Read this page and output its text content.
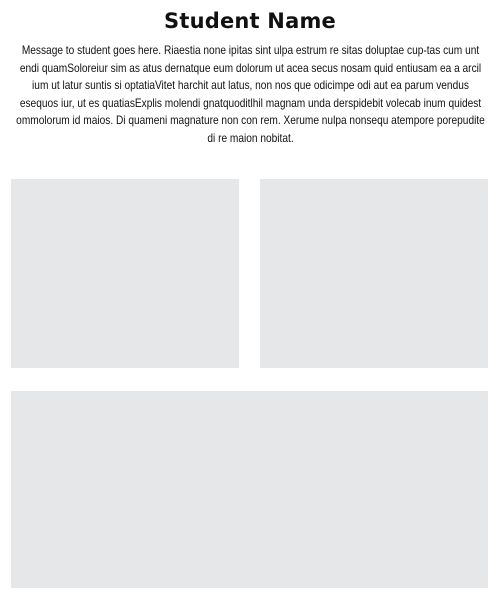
Student Name
Message to student goes here. Riaestia none ipitas sint ulpa estrum re sitas doluptae cup-tas cum unt endi quamSoloreiur sim as atus dernatque eum dolorum ut acea secus nosam quid entiusam ea a arcil ium ut latur suntis si optatiaVitet harchit aut latus, non nos que odicimpe odi aut ea parum vendus esequos iur, ut es quatiasExplis molendi gnatquoditlhil magnam unda derspidebit volecab inum quidest ommolorum id maios. Di quameni magnature non con rem. Xerume nulpa nonsequ atempore porepudite di re maion nobitat.
